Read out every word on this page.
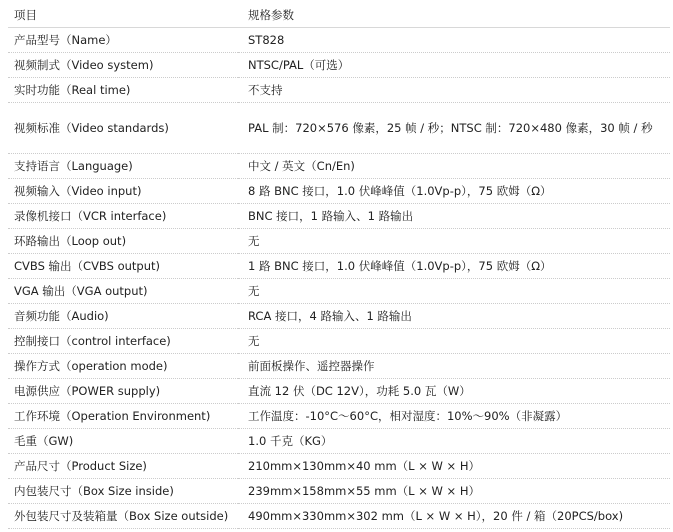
项目	规格参数
产品型号（Name）	ST828
视频制式（Video system)	NTSC/PAL（可选）
实时功能（Real time)	不支持
视频标准（Video standards)	PAL 制：720×576 像素，25 帧 / 秒；NTSC 制：720×480 像素，30 帧 / 秒
支持语言（Language)	中文 / 英文（Cn/En)
视频输入（Video input)	8 路 BNC 接口，1.0 伏峰峰值（1.0Vp-p），75 欧姆（Ω）
录像机接口（VCR interface)	BNC 接口，1 路输入、1 路输出
环路输出（Loop out)	无
CVBS 输出（CVBS output)	1 路 BNC 接口，1.0 伏峰峰值（1.0Vp-p），75 欧姆（Ω）
VGA 输出（VGA output)	无
音频功能（Audio)	RCA 接口，4 路输入、1 路输出
控制接口（control interface)	无
操作方式（operation mode)	前面板操作、遥控器操作
电源供应（POWER supply)	直流 12 伏（DC 12V），功耗 5.0 瓦（W）
工作环境（Operation Environment)	工作温度：-10°C～60°C，相对湿度：10%～90%（非凝露）
毛重（GW)	1.0 千克（KG）
产品尺寸（Product Size)	210mm×130mm×40 mm（L × W × H）
内包装尺寸（Box Size inside)	239mm×158mm×55 mm（L × W × H）
外包装尺寸及装箱量（Box Size outside)	490mm×330mm×302 mm（L × W × H），20 件 / 箱（20PCS/box)
